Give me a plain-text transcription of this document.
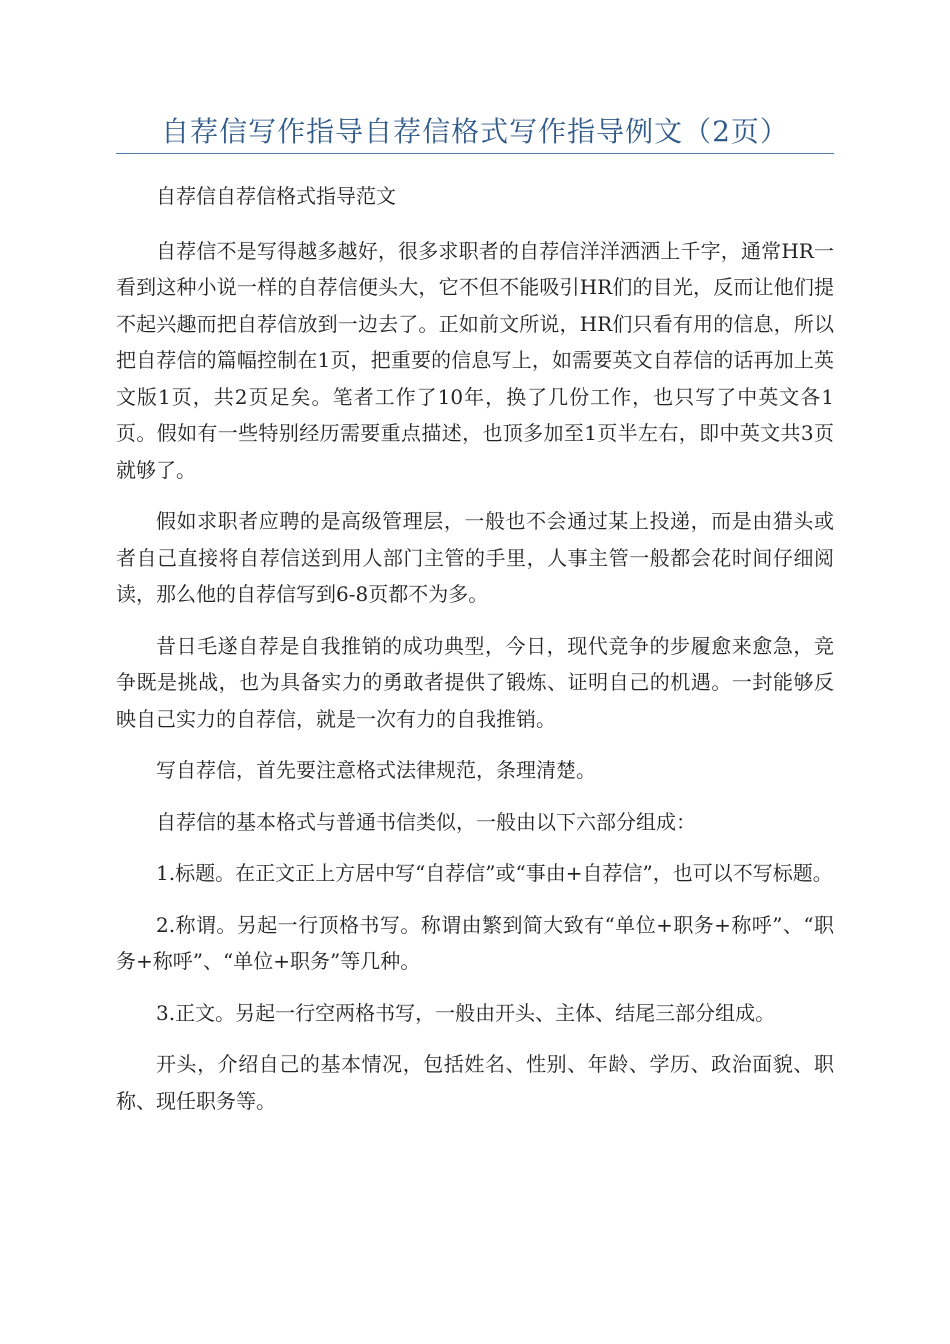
自荐信写作指导自荐信格式写作指导例文（2页）

自荐信自荐信格式指导范文

自荐信不是写得越多越好，很多求职者的自荐信洋洋洒洒上千字，通常HR一看到这种小说一样的自荐信便头大，它不但不能吸引HR们的目光，反而让他们提不起兴趣而把自荐信放到一边去了。正如前文所说，HR们只看有用的信息，所以把自荐信的篇幅控制在1页，把重要的信息写上，如需要英文自荐信的话再加上英文版1页，共2页足矣。笔者工作了10年，换了几份工作，也只写了中英文各1页。假如有一些特别经历需要重点描述，也顶多加至1页半左右，即中英文共3页就够了。

假如求职者应聘的是高级管理层，一般也不会通过某上投递，而是由猎头或者自己直接将自荐信送到用人部门主管的手里，人事主管一般都会花时间仔细阅读，那么他的自荐信写到6-8页都不为多。

昔日毛遂自荐是自我推销的成功典型，今日，现代竞争的步履愈来愈急，竞争既是挑战，也为具备实力的勇敢者提供了锻炼、证明自己的机遇。一封能够反映自己实力的自荐信，就是一次有力的自我推销。

写自荐信，首先要注意格式法律规范，条理清楚。

自荐信的基本格式与普通书信类似，一般由以下六部分组成：

1.标题。在正文正上方居中写“自荐信”或“事由+自荐信”，也可以不写标题。

2.称谓。另起一行顶格书写。称谓由繁到简大致有“单位+职务+称呼”、“职务+称呼”、“单位+职务”等几种。

3.正文。另起一行空两格书写，一般由开头、主体、结尾三部分组成。

开头，介绍自己的基本情况，包括姓名、性别、年龄、学历、政治面貌、职称、现任职务等。
